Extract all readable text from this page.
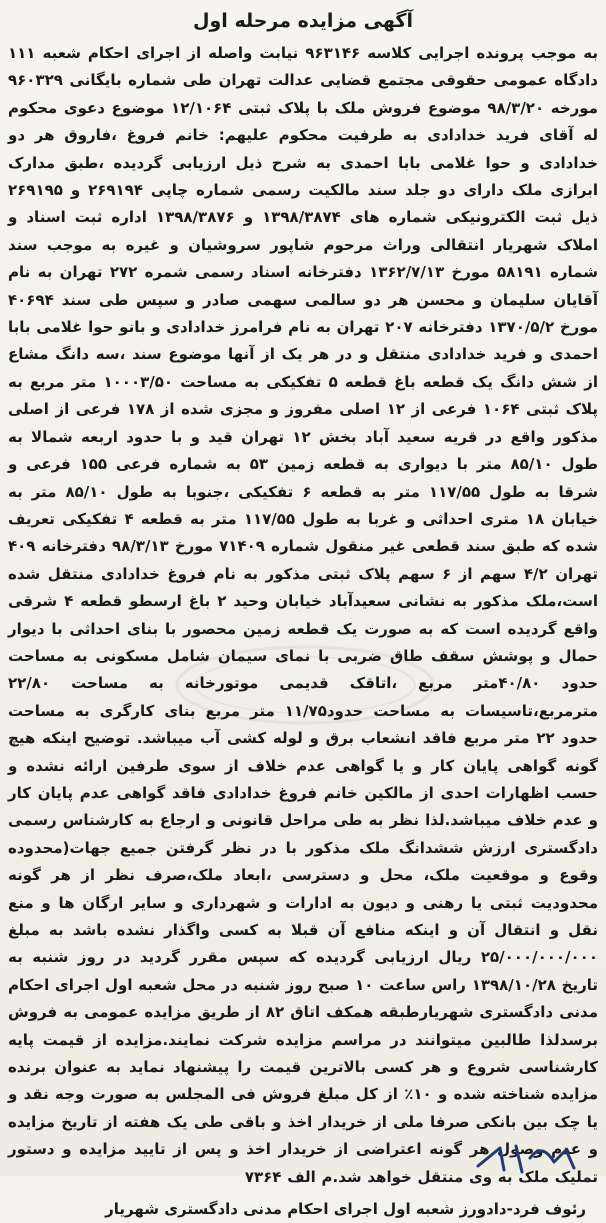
آگهی مزایده مرحله اول

به موجب پرونده اجرایی کلاسه ۹۶۳۱۴۶ نیابت واصله از اجرای احکام شعبه ۱۱۱ دادگاه عمومی حقوقی مجتمع قضایی عدالت تهران طی شماره بایگانی ۹۶۰۳۲۹ مورخه ۹۸/۳/۲۰ موضوع فروش ملک با پلاک ثبتی ۱۲/۱۰۶۴ موضوع دعوی محکوم له آقای فرید خدادادی به طرفیت محکوم علیهم: خانم فروغ ،فاروق هر دو خدادادی و حوا غلامی بابا احمدی به شرح ذیل ارزیابی گردیده ،طبق مدارک ابرازی ملک دارای دو جلد سند مالکیت رسمی شماره چاپی ۲۶۹۱۹۴ و ۲۶۹۱۹۵ ذیل ثبت الکترونیکی شماره های ۱۳۹۸/۳۸۷۴ و ۱۳۹۸/۳۸۷۶ اداره ثبت اسناد و املاک شهریار انتقالی وراث مرحوم شاپور سروشیان و غیره به موجب سند شماره ۵۸۱۹۱ مورخ ۱۳۶۲/۷/۱۳ دفترخانه اسناد رسمی شمره ۲۷۲ تهران به نام آقایان سلیمان و محسن هر دو سالمی سهمی صادر و سپس طی سند ۴۰۶۹۴ مورخ ۱۳۷۰/۵/۲ دفترخانه ۲۰۷ تهران به نام فرامرز خدادادی و بانو حوا غلامی بابا احمدی و فرید خدادادی منتقل و در هر یک از آنها موضوع سند ،سه دانگ مشاع از شش دانگ یک قطعه باغ قطعه ۵ تفکیکی به مساحت ۱۰۰۰۳/۵۰ متر مربع به پلاک ثبتی ۱۰۶۴ فرعی از ۱۲ اصلی مفروز و مجزی شده از ۱۷۸ فرعی از اصلی مذکور واقع در قریه سعید آباد بخش ۱۲ تهران قید و با حدود اربعه شمالا به طول ۸۵/۱۰ متر با دیواری به قطعه زمین ۵۳ به شماره فرعی ۱۵۵ فرعی و شرقا به طول ۱۱۷/۵۵ متر به قطعه ۶ تفکیکی ،جنوبا به طول ۸۵/۱۰ متر به خیابان ۱۸ متری احداثی و غربا به طول ۱۱۷/۵۵ متر به قطعه ۴ تفکیکی تعریف شده که طبق سند قطعی غیر منقول شماره ۷۱۴۰۹ مورخ ۹۸/۳/۱۳ دفترخانه ۴۰۹ تهران ۴/۲ سهم از ۶ سهم پلاک ثبتی مذکور به نام فروغ خدادادی منتقل شده است،ملک مذکور به نشانی سعیدآباد خیابان وحید ۲ باغ ارسطو قطعه ۴ شرقی واقع گردیده است که به صورت یک قطعه زمین محصور با بنای احداثی با دیوار حمال و پوشش سقف طاق ضربی با نمای سیمان شامل مسکونی به مساحت حدود ۴۰/۸۰متر مربع ،اتاقک قدیمی موتورخانه به مساحت ۲۲/۸۰ مترمربع،تاسیسات به مساحت حدود۱۱/۷۵ متر مربع بنای کارگری به مساحت حدود ۲۲ متر مربع فاقد انشعاب برق و لوله کشی آب میباشد. توضیح اینکه هیچ گونه گواهی پایان کار و یا گواهی عدم خلاف از سوی طرفین ارائه نشده و حسب اظهارات احدی از مالکین خانم فروغ خدادادی فاقد گواهی عدم پایان کار و عدم خلاف میباشد.لذا نظر به طی مراحل قانونی و ارجاع به کارشناس رسمی دادگستری ارزش ششدانگ ملک مذکور با در نظر گرفتن جمیع جهات(محدوده وقوع و موقعیت ملک، محل و دسترسی ،ابعاد ملک،صرف نظر از هر گونه محدودیت ثبتی یا رهنی و دیون به ادارات و شهرداری و سایر ارگان ها و منع نقل و انتقال آن و اینکه منافع آن قبلا به کسی واگذار نشده باشد به مبلغ ۲۵/۰۰۰/۰۰۰/۰۰۰ ریال ارزیابی گردیده که سپس مقرر گردید در روز شنبه به تاریخ ۱۳۹۸/۱۰/۲۸ راس ساعت ۱۰ صبح روز شنبه در محل شعبه اول اجرای احکام مدنی دادگستری شهریارطبقه همکف اتاق ۸۲ از طریق مزایده عمومی به فروش برسدلذا طالبین میتوانند در مراسم مزایده شرکت نمایند.مزایده از قیمت پایه کارشناسی شروع و هر کسی بالاترین قیمت را پیشنهاد نماید به عنوان برنده مزایده شناخته شده و ۱۰٪ از کل مبلغ فروش فی المجلس به صورت وجه نقد و یا چک بین بانکی صرفا ملی از خریدار اخذ و باقی طی یک هفته از تاریخ مزایده و عدم وصول هر گونه اعتراضی از خریدار اخذ و پس از تایید مزایده و دستور تملیک ملک به وی منتقل خواهد شد.م الف ۷۳۶۴

رئوف فرد-دادورز شعبه اول اجرای احکام مدنی دادگستری شهریار
